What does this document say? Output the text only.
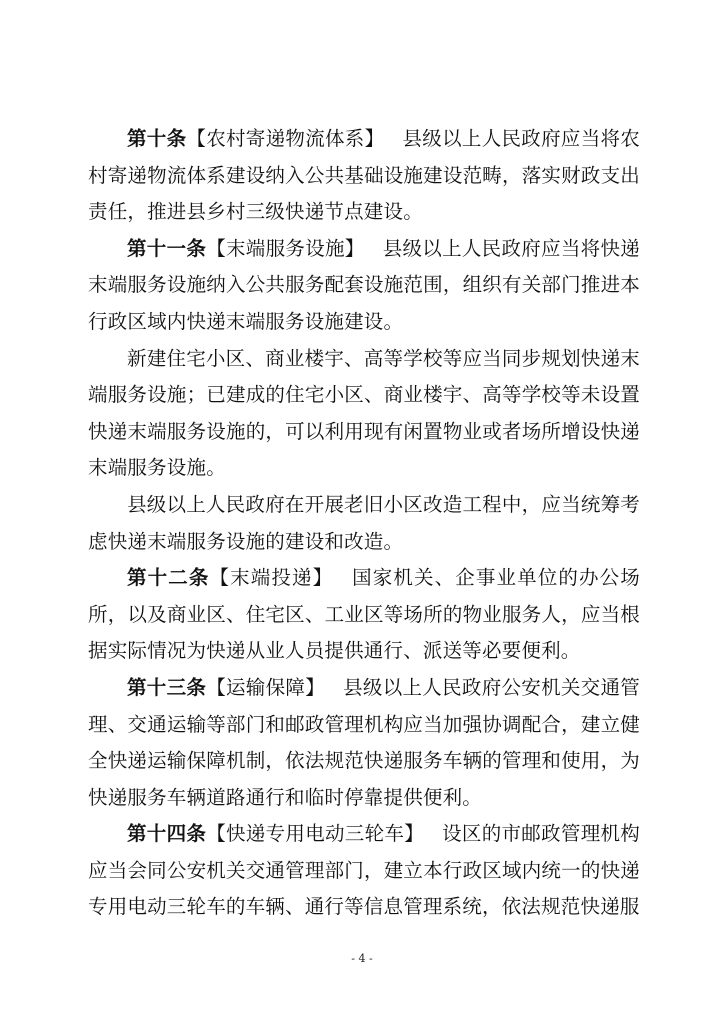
第十条【农村寄递物流体系】 县级以上人民政府应当将农村寄递物流体系建设纳入公共基础设施建设范畴，落实财政支出责任，推进县乡村三级快递节点建设。

第十一条【末端服务设施】 县级以上人民政府应当将快递末端服务设施纳入公共服务配套设施范围，组织有关部门推进本行政区域内快递末端服务设施建设。

新建住宅小区、商业楼宇、高等学校等应当同步规划快递末端服务设施；已建成的住宅小区、商业楼宇、高等学校等未设置快递末端服务设施的，可以利用现有闲置物业或者场所增设快递末端服务设施。

县级以上人民政府在开展老旧小区改造工程中，应当统筹考虑快递末端服务设施的建设和改造。

第十二条【末端投递】 国家机关、企事业单位的办公场所，以及商业区、住宅区、工业区等场所的物业服务人，应当根据实际情况为快递从业人员提供通行、派送等必要便利。

第十三条【运输保障】 县级以上人民政府公安机关交通管理、交通运输等部门和邮政管理机构应当加强协调配合，建立健全快递运输保障机制，依法规范快递服务车辆的管理和使用，为快递服务车辆道路通行和临时停靠提供便利。

第十四条【快递专用电动三轮车】 设区的市邮政管理机构应当会同公安机关交通管理部门，建立本行政区域内统一的快递专用电动三轮车的车辆、通行等信息管理系统，依法规范快递服

- 4 -
